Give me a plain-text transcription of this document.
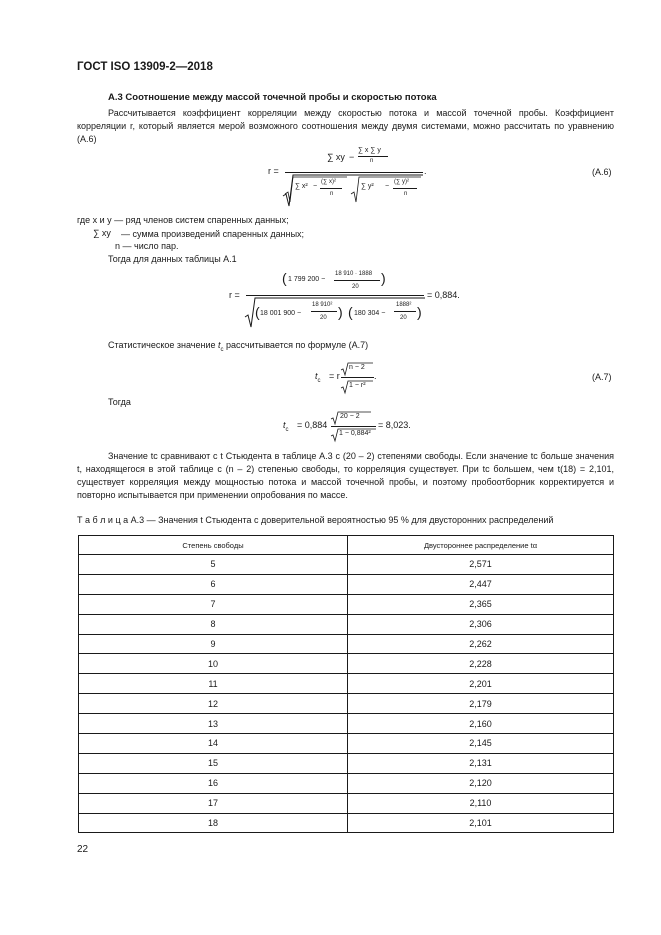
ГОСТ ISO 13909-2—2018
А.3 Соотношение между массой точечной пробы и скоростью потока

Рассчитывается коэффициент корреляции между скоростью потока и массой точечной пробы. Коэффициент корреляции r, который является мерой возможного соотношения между двумя системами, можно рассчитать по уравнению (А.6)

r =
∑ xy −
∑ x ∑ y
n
∑ x² −
(∑ x)²
n
∑ y² −
(∑ y)²
n
.	(А.6)
где x и y — ряд членов систем спаренных данных;
∑ xy — сумма произведений спаренных данных;
n — число пар.
Тогда для данных таблицы А.1
r =
( 1 799 200 −
18 910 · 1888
20
)
( 18 001 900 −
18 910²
20 ) ( 180 304 −
1888²
20 )
= 0,884.
Статистическое значение $t_c$ рассчитывается по формуле (А.7)
$t_c = r$
n − 2
1 − r²
.	(А.7)
Тогда
$t_c = 0,884$
20 − 2
1 − 0,884²
= 8,023.

Значение tc сравнивают с t Стьюдента в таблице А.3 с (20 – 2) степенями свободы. Если значение tc больше значения t, находящегося в этой таблице с (n – 2) степенью свободы, то корреляция существует. При tc большем, чем t(18) = 2,101, существует корреляция между мощностью потока и массой точечной пробы, и поэтому пробоотборник корректируется и повторно испытывается при применении опробования по массе.

Т а б л и ц а А.3 — Значения t Стьюдента с доверительной вероятностью 95 % для двусторонних распределений
Степень свободы	Двустороннее распределение tα
5	2,571
6	2,447
7	2,365
8	2,306
9	2,262
10	2,228
11	2,201
12	2,179
13	2,160
14	2,145
15	2,131
16	2,120
17	2,110
18	2,101
22
